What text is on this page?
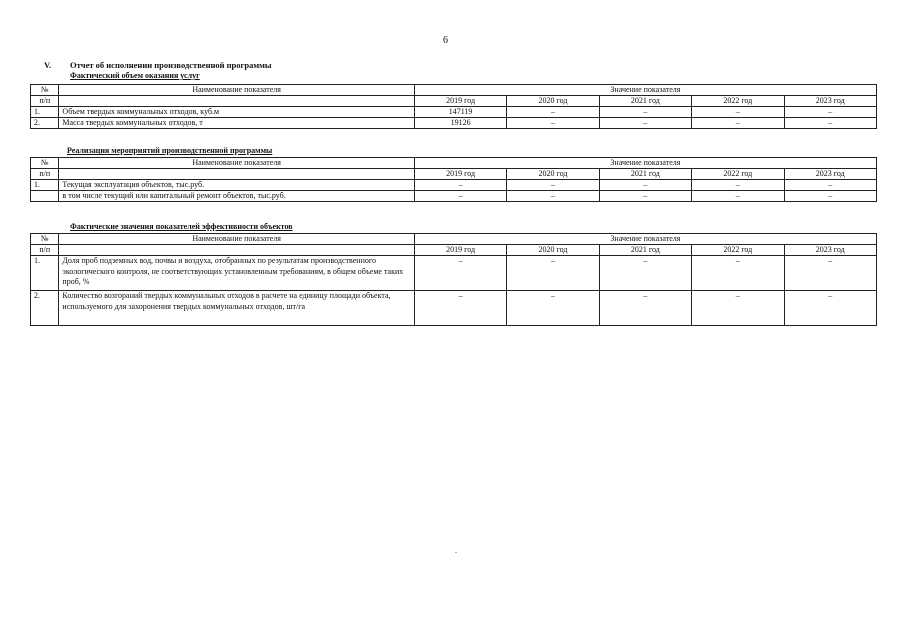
6
V. Отчет об исполнении производственной программы
Фактический объем оказания услуг
№	Наименование показателя	Значение показателя				
п/п		2019 год	2020 год	2021 год	2022 год	2023 год
1.	Объем твердых коммунальных отходов, куб.м	147119	–	–	–	–
2.	Масса твердых коммунальных отходов, т	19126	–	–	–	–
Реализация мероприятий производственной программы
№	Наименование показателя	Значение показателя				
п/п		2019 год	2020 год	2021 год	2022 год	2023 год
1.	Текущая эксплуатация объектов, тыс.руб.	–	–	–	–	–
	в том числе текущий или капитальный ремонт объектов, тыс.руб.	–	–	–	–	–
Фактические значения показателей эффективности объектов
№	Наименование показателя	Значение показателя				
п/п		2019 год	2020 год	2021 год	2022 год	2023 год
1.	Доля проб подземных вод, почвы и воздуха, отобранных по результатам производственного экологического контроля, не соответствующих установленным требованиям, в общем объеме таких проб, %	–	–	–	–	–
2.	Количество возгораний твердых коммунальных отходов в расчете на единицу площади объекта, используемого для захоронения твердых коммунальных отходов, шт/га	–	–	–	–	–
